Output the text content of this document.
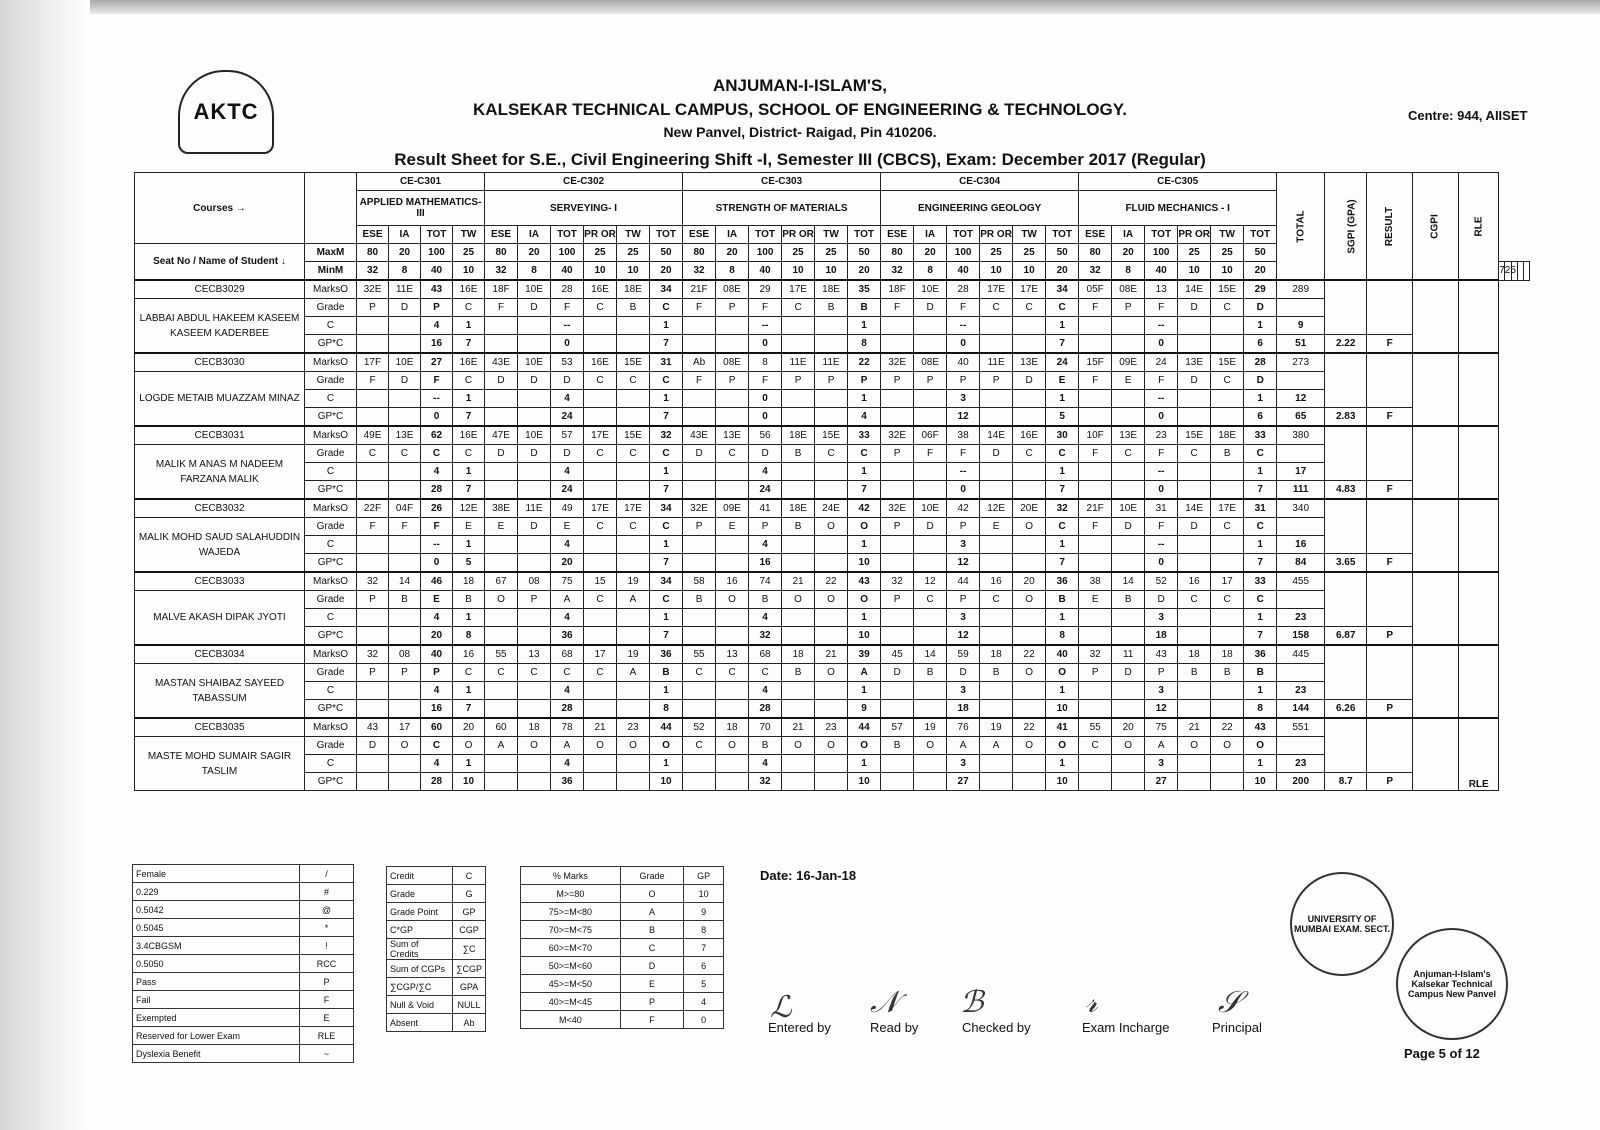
AKTC
ANJUMAN-I-ISLAM'S,
KALSEKAR TECHNICAL CAMPUS, SCHOOL OF ENGINEERING & TECHNOLOGY.
New Panvel, District- Raigad, Pin 410206.
Result Sheet for S.E., Civil Engineering Shift -I, Semester III (CBCS), Exam: December 2017 (Regular)
Centre: 944, AIISET
Courses →		CE-C301				CE-C302						CE-C303						CE-C304						CE-C305						TOTAL	SGPI (GPA)	RESULT	CGPI	RLE					
		APPLIED MATHEMATICS-III				SERVEYING- I						STRENGTH OF MATERIALS						ENGINEERING GEOLOGY						FLUID MECHANICS - I															
		ESE	IA	TOT	TW	ESE	IA	TOT	PR OR	TW	TOT	ESE	IA	TOT	PR OR	TW	TOT	ESE	IA	TOT	PR OR	TW	TOT	ESE	IA	TOT	PR OR	TW	TOT										
Seat No / Name of Student ↓	MaxM	80	20	100	25	80	20	100	25	25	50	80	20	100	25	25	50	80	20	100	25	25	50	80	20	100	25	25	50										
	MinM	32	8	40	10	32	8	40	10	10	20	32	8	40	10	10	20	32	8	40	10	10	20	32	8	40	10	10	20						725				
CECB3029	MarksO	32E	11E	43	16E	18F	10E	28	16E	18E	34	21F	08E	29	17E	18E	35	18F	10E	28	17E	17E	34	05F	08E	13	14E	15E	29	289									
LABBAI ABDUL HAKEEM KASEEM KASEEM KADERBEE	Grade	P	D	P	C	F	D	F	C	B	C	F	P	F	C	B	B	F	D	F	C	C	C	F	P	F	D	C	D										
	C			4	1			--			1			--			1			--			1			--			1	9									
	GP*C			16	7			0			7			0			8			0			7			0			6	51	2.22	F							
CECB3030	MarksO	17F	10E	27	16E	43E	10E	53	16E	15E	31	Ab	08E	8	11E	11E	22	32E	08E	40	11E	13E	24	15F	09E	24	13E	15E	28	273									
LOGDE METAIB MUAZZAM MINAZ	Grade	F	D	F	C	D	D	D	C	C	C	F	P	F	P	P	P	P	P	P	P	D	E	F	E	F	D	C	D										
	C			--	1			4			1			0			1			3			1			--			1	12									
	GP*C			0	7			24			7			0			4			12			5			0			6	65	2.83	F							
CECB3031	MarksO	49E	13E	62	16E	47E	10E	57	17E	15E	32	43E	13E	56	18E	15E	33	32E	06F	38	14E	16E	30	10F	13E	23	15E	18E	33	380									
MALIK M ANAS M NADEEM FARZANA MALIK	Grade	C	C	C	C	D	D	D	C	C	C	D	C	D	B	C	C	P	F	F	D	C	C	F	C	F	C	B	C										
	C			4	1			4			1			4			1			--			1			--			1	17									
	GP*C			28	7			24			7			24			7			0			7			0			7	111	4.83	F							
CECB3032	MarksO	22F	04F	26	12E	38E	11E	49	17E	17E	34	32E	09E	41	18E	24E	42	32E	10E	42	12E	20E	32	21F	10E	31	14E	17E	31	340									
MALIK MOHD SAUD SALAHUDDIN WAJEDA	Grade	F	F	F	E	E	D	E	C	C	C	P	E	P	B	O	O	P	D	P	E	O	C	F	D	F	D	C	C										
	C			--	1			4			1			4			1			3			1			--			1	16									
	GP*C			0	5			20			7			16			10			12			7			0			7	84	3.65	F							
CECB3033	MarksO	32	14	46	18	67	08	75	15	19	34	58	16	74	21	22	43	32	12	44	16	20	36	38	14	52	16	17	33	455									
MALVE AKASH DIPAK JYOTI	Grade	P	B	E	B	O	P	A	C	A	C	B	O	B	O	O	O	P	C	P	C	O	B	E	B	D	C	C	C										
	C			4	1			4			1			4			1			3			1			3			1	23									
	GP*C			20	8			36			7			32			10			12			8			18			7	158	6.87	P							
CECB3034	MarksO	32	08	40	16	55	13	68	17	19	36	55	13	68	18	21	39	45	14	59	18	22	40	32	11	43	18	18	36	445									
MASTAN SHAIBAZ SAYEED TABASSUM	Grade	P	P	P	C	C	C	C	C	A	B	C	C	C	B	O	A	D	B	D	B	O	O	P	D	P	B	B	B										
	C			4	1			4			1			4			1			3			1			3			1	23									
	GP*C			16	7			28			8			28			9			18			10			12			8	144	6.26	P							
CECB3035	MarksO	43	17	60	20	60	18	78	21	23	44	52	18	70	21	23	44	57	19	76	19	22	41	55	20	75	21	22	43	551				RLE					
MASTE MOHD SUMAIR SAGIR TASLIM	Grade	D	O	C	O	A	O	A	O	O	O	C	O	B	O	O	O	B	O	A	A	O	O	C	O	A	O	O	O										
	C			4	1			4			1			4			1			3			1			3			1	23									
	GP*C			28	10			36			10			32			10			27			10			27			10	200	8.7	P							
Female	/
0.229	#
0.5042	@
0.5045	*
3.4CBGSM	!
0.5050	RCC
Pass	P
Fail	F
Exempted	E
Reserved for Lower Exam	RLE
Dyslexia Benefit	~
Credit	C
Grade	G
Grade Point	GP
C*GP	CGP
Sum of Credits	∑C
Sum of CGPs	∑CGP
∑CGP/∑C	GPA
Null & Void	NULL
Absent	Ab
% Marks	Grade	GP
M>=80	O	10
75>=M<80	A	9
70>=M<75	B	8
60>=M<70	C	7
50>=M<60	D	6
45>=M<50	E	5
40>=M<45	P	4
M<40	F	0
Date: 16-Jan-18
ℒ	𝒩 ℬ	𝓇	𝒮
Entered by	Read by	Checked by	Exam Incharge	Principal
UNIVERSITY OF MUMBAI EXAM. SECT.
Anjuman-I-Islam's Kalsekar Technical Campus New Panvel
Page 5 of 12
